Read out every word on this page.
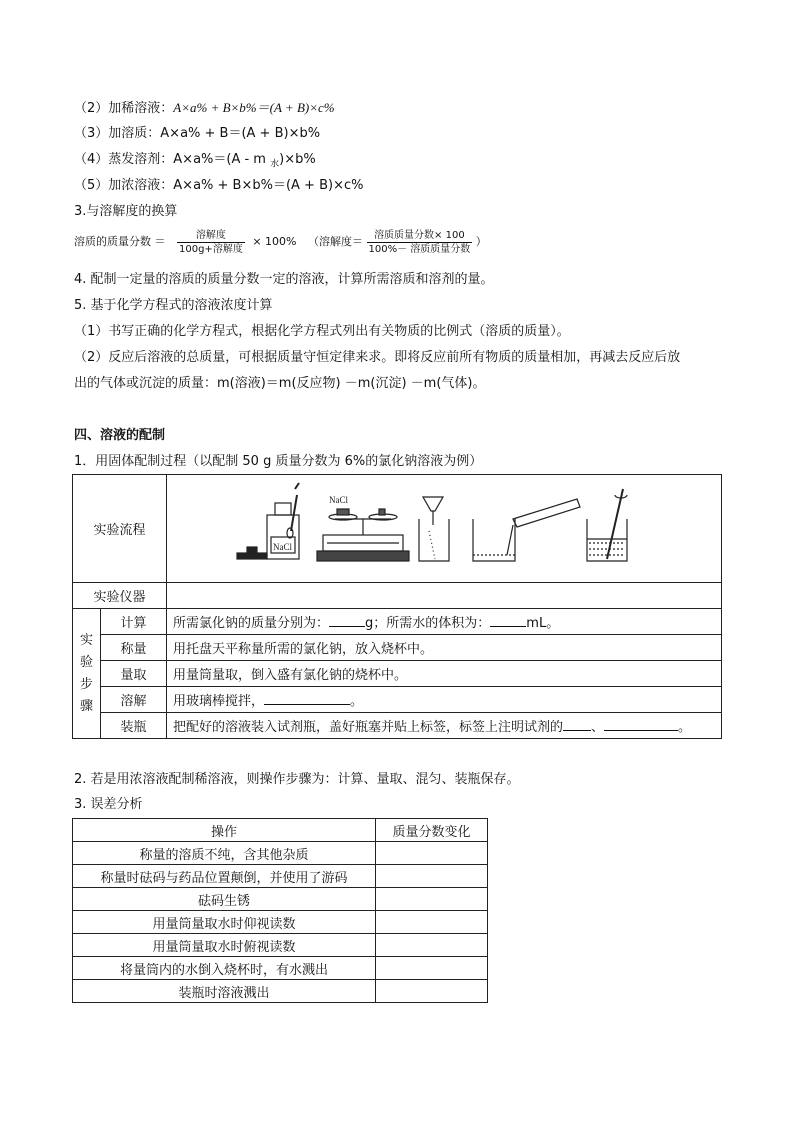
（2）加稀溶液：A×a% + B×b%＝(A + B)×c%
（3）加溶质：A×a% + B＝(A + B)×b%
（4）蒸发溶剂：A×a%＝(A - m $_水$)×b%
（5）加浓溶液：A×a% + B×b%＝(A + B)×c%
3.与溶解度的换算
溶质的质量分数 ＝ $\frac{\text{溶解度}}{\text{100g+溶解度}} \times 100\%$ （溶解度＝ $\frac{\text{溶质质量分数× 100}}{\text{100\%－ 溶质质量分数}}$ ）
4. 配制一定量的溶质的质量分数一定的溶液，计算所需溶质和溶剂的量。
5. 基于化学方程式的溶液浓度计算
（1）书写正确的化学方程式，根据化学方程式列出有关物质的比例式（溶质的质量）。
（2）反应后溶液的总质量，可根据质量守恒定律来求。即将反应前所有物质的质量相加，再减去反应后放
出的气体或沉淀的质量：m(溶液)＝m(反应物) －m(沉淀) －m(气体)。
四、溶液的配制
1．用固体配制过程（以配制 50 g 质量分数为 6%的氯化钠溶液为例）
实验流程		NaCl
NaCl

实验仪器		
实
验
步
骤	计算	所需氯化钠的质量分别为： g；所需水的体积为： mL。
	称量	用托盘天平称量所需的氯化钠，放入烧杯中。
	量取	用量筒量取，倒入盛有氯化钠的烧杯中。
	溶解	用玻璃棒搅拌， 。
	装瓶	把配好的溶液装入试剂瓶，盖好瓶塞并贴上标签，标签上注明试剂的 、 。
2. 若是用浓溶液配制稀溶液，则操作步骤为：计算、量取、混匀、装瓶保存。
3. 误差分析
操作	质量分数变化
称量的溶质不纯，含其他杂质	
称量时砝码与药品位置颠倒，并使用了游码	
砝码生锈	
用量筒量取水时仰视读数	
用量筒量取水时俯视读数	
将量筒内的水倒入烧杯时，有水溅出	
装瓶时溶液溅出	
